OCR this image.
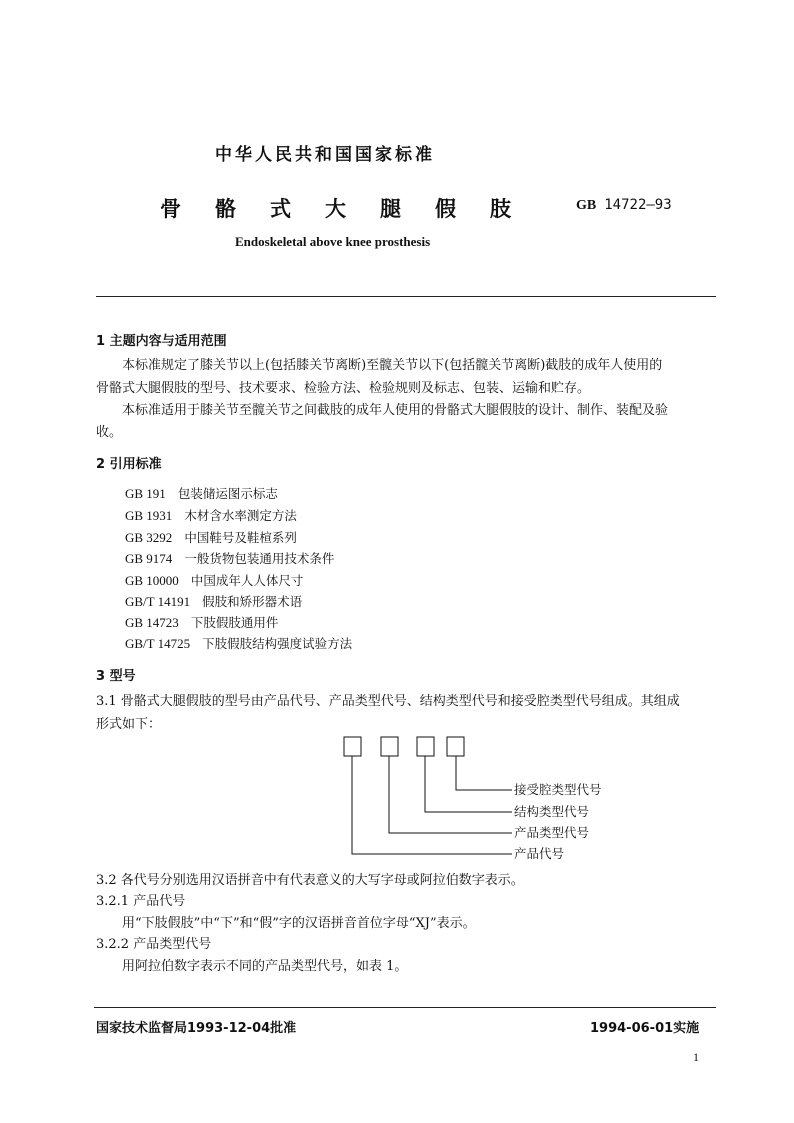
中华人民共和国国家标准
骨骼式大腿假肢 GB 14722—93
Endoskeletal above knee prosthesis
1 主题内容与适用范围
本标准规定了膝关节以上(包括膝关节离断)至髋关节以下(包括髋关节离断)截肢的成年人使用的
骨骼式大腿假肢的型号、技术要求、检验方法、检验规则及标志、包装、运输和贮存。
本标准适用于膝关节至髋关节之间截肢的成年人使用的骨骼式大腿假肢的设计、制作、装配及验
收。
2 引用标准
GB 191 包装储运图示标志
GB 1931 木材含水率测定方法
GB 3292 中国鞋号及鞋楦系列
GB 9174 一般货物包装通用技术条件
GB 10000 中国成年人人体尺寸
GB/T 14191 假肢和矫形器术语
GB 14723 下肢假肢通用件
GB/T 14725 下肢假肢结构强度试验方法
3 型号
3.1 骨骼式大腿假肢的型号由产品代号、产品类型代号、结构类型代号和接受腔类型代号组成。其组成
形式如下：
接受腔类型代号
结构类型代号
产品类型代号
产品代号
3.2 各代号分别选用汉语拼音中有代表意义的大写字母或阿拉伯数字表示。
3.2.1 产品代号
用“下肢假肢”中“下”和“假”字的汉语拼音首位字母“XJ”表示。
3.2.2 产品类型代号
用阿拉伯数字表示不同的产品类型代号，如表 1。
国家技术监督局1993-12-04批准	1994-06-01实施
1
